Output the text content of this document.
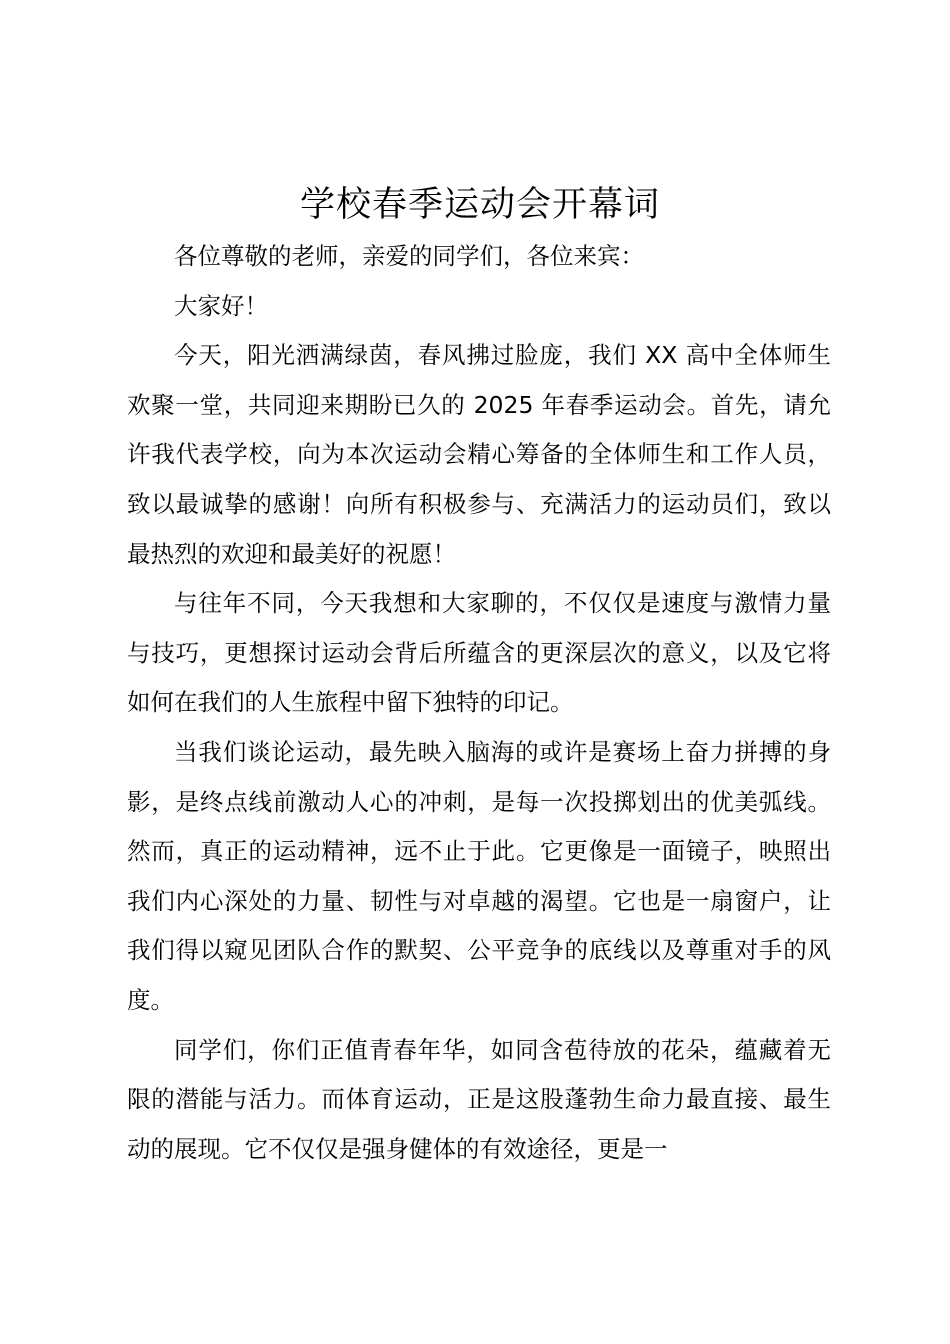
学校春季运动会开幕词

各位尊敬的老师，亲爱的同学们，各位来宾：

大家好！

今天，阳光洒满绿茵，春风拂过脸庞，我们 XX 高中全体师生欢聚一堂，共同迎来期盼已久的 2025 年春季运动会。首先，请允许我代表学校，向为本次运动会精心筹备的全体师生和工作人员，致以最诚挚的感谢！向所有积极参与、充满活力的运动员们，致以最热烈的欢迎和最美好的祝愿！

与往年不同，今天我想和大家聊的，不仅仅是速度与激情力量与技巧，更想探讨运动会背后所蕴含的更深层次的意义，以及它将如何在我们的人生旅程中留下独特的印记。

当我们谈论运动，最先映入脑海的或许是赛场上奋力拼搏的身影，是终点线前激动人心的冲刺，是每一次投掷划出的优美弧线。然而，真正的运动精神，远不止于此。它更像是一面镜子，映照出我们内心深处的力量、韧性与对卓越的渴望。它也是一扇窗户，让我们得以窥见团队合作的默契、公平竞争的底线以及尊重对手的风度。

同学们，你们正值青春年华，如同含苞待放的花朵，蕴藏着无限的潜能与活力。而体育运动，正是这股蓬勃生命力最直接、最生动的展现。它不仅仅是强身健体的有效途径，更是一
